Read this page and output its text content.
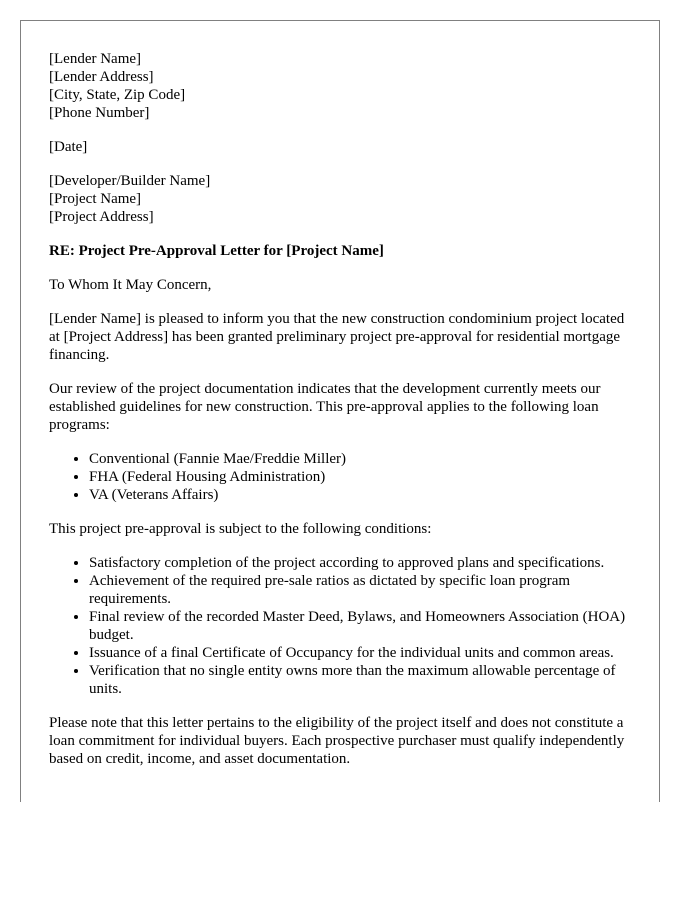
[Lender Name]
[Lender Address]
[City, State, Zip Code]
[Phone Number]
[Date]
[Developer/Builder Name]
[Project Name]
[Project Address]
RE: Project Pre-Approval Letter for [Project Name]

To Whom It May Concern,

[Lender Name] is pleased to inform you that the new construction condominium project located at [Project Address] has been granted preliminary project pre-approval for residential mortgage financing.

Our review of the project documentation indicates that the development currently meets our established guidelines for new construction. This pre-approval applies to the following loan programs:

• Conventional (Fannie Mae/Freddie Miller)
• FHA (Federal Housing Administration)
• VA (Veterans Affairs)

This project pre-approval is subject to the following conditions:

• Satisfactory completion of the project according to approved plans and specifications.
• Achievement of the required pre-sale ratios as dictated by specific loan program requirements.
• Final review of the recorded Master Deed, Bylaws, and Homeowners Association (HOA) budget.
• Issuance of a final Certificate of Occupancy for the individual units and common areas.
• Verification that no single entity owns more than the maximum allowable percentage of units.

Please note that this letter pertains to the eligibility of the project itself and does not constitute a loan commitment for individual buyers. Each prospective purchaser must qualify independently based on credit, income, and asset documentation.
